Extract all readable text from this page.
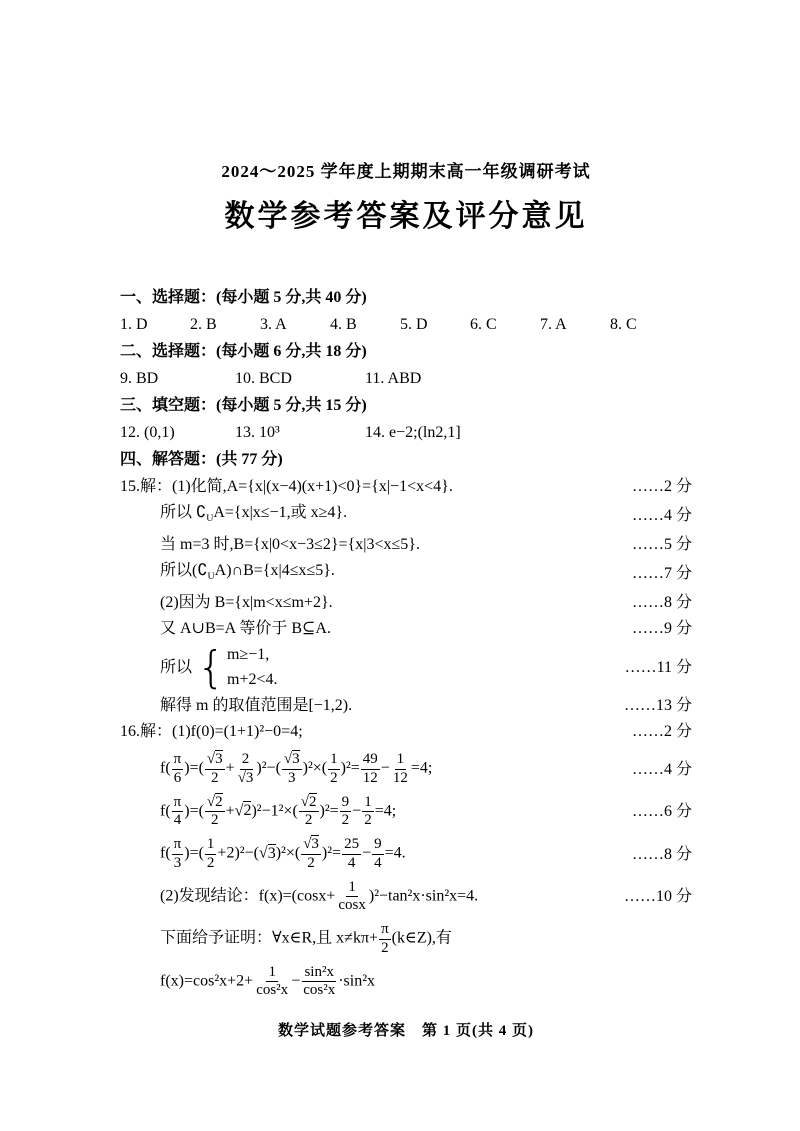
2024～2025 学年度上期期末高一年级调研考试
数学参考答案及评分意见
一、选择题：(每小题 5 分,共 40 分)
1. D	2. B	3. A	4. B	5. D	6. C	7. A	8. C
二、选择题：(每小题 6 分,共 18 分)
9. BD	10. BCD	11. ABD
三、填空题：(每小题 5 分,共 15 分)
12. (0,1)	13. 10³	14. e−2;(ln2,1]
四、解答题：(共 77 分)
15.解：(1)化简,A={x|(x−4)(x+1)<0}={x|−1<x<4}.	……2 分
所以 $∁_UA=\{x|x\le-1$,或 x≥4}.	……4 分
当 m=3 时,B={x|0<x−3≤2}={x|3<x≤5}.	……5 分
所以$(∁_UA)\cap B=\{x|4\le x\le 5\}$.	……7 分
(2)因为 B={x|m<x≤m+2}.	……8 分
又 A∪B=A 等价于 B⊆A.	……9 分
所以
{
m≥−1,
m+2<4.
……11 分
解得 m 的取值范围是[−1,2).	……13 分
16.解：(1)f(0)=(1+1)²−0=4;	……2 分
$f( \frac{\pi}{6}$ )=( $\frac{√3}{2} + \frac{2}{√3} )^2-( \frac{√3}{3} )^2\times( \frac{1}{2} )^2= \frac{49}{12} - \frac{1}{12} =4$;	……4 分
$f( \frac{\pi}{4}$ )=( $\frac{√2}{2} +√2)^2-1^2\times( \frac{√2}{2} )^2= \frac{9}{2} - \frac{1}{2} =4$;	……6 分
$f( \frac{\pi}{3}$ )=( $\frac{1}{2} +2)^2-(√3)^2\times( \frac{√3}{2} )^2= \frac{25}{4} - \frac{9}{4} =4$.	……8 分
(2)发现结论：$f(x)=(\cos x+ \frac{1}{\cos x} )^2-\tan^2x\cdot\sin^2x=4$.	……10 分
下面给予证明：∀x∈R,且 $x\ne k\pi+ \frac{\pi}{2}$ (k∈Z),有
$f(x)=\cos^2x+2+ \frac{1}{\text{cos²x}} - \frac{\text{sin²x}}{\text{cos²x}} \cdot\sin^2x$
数学试题参考答案　第 1 页(共 4 页)
